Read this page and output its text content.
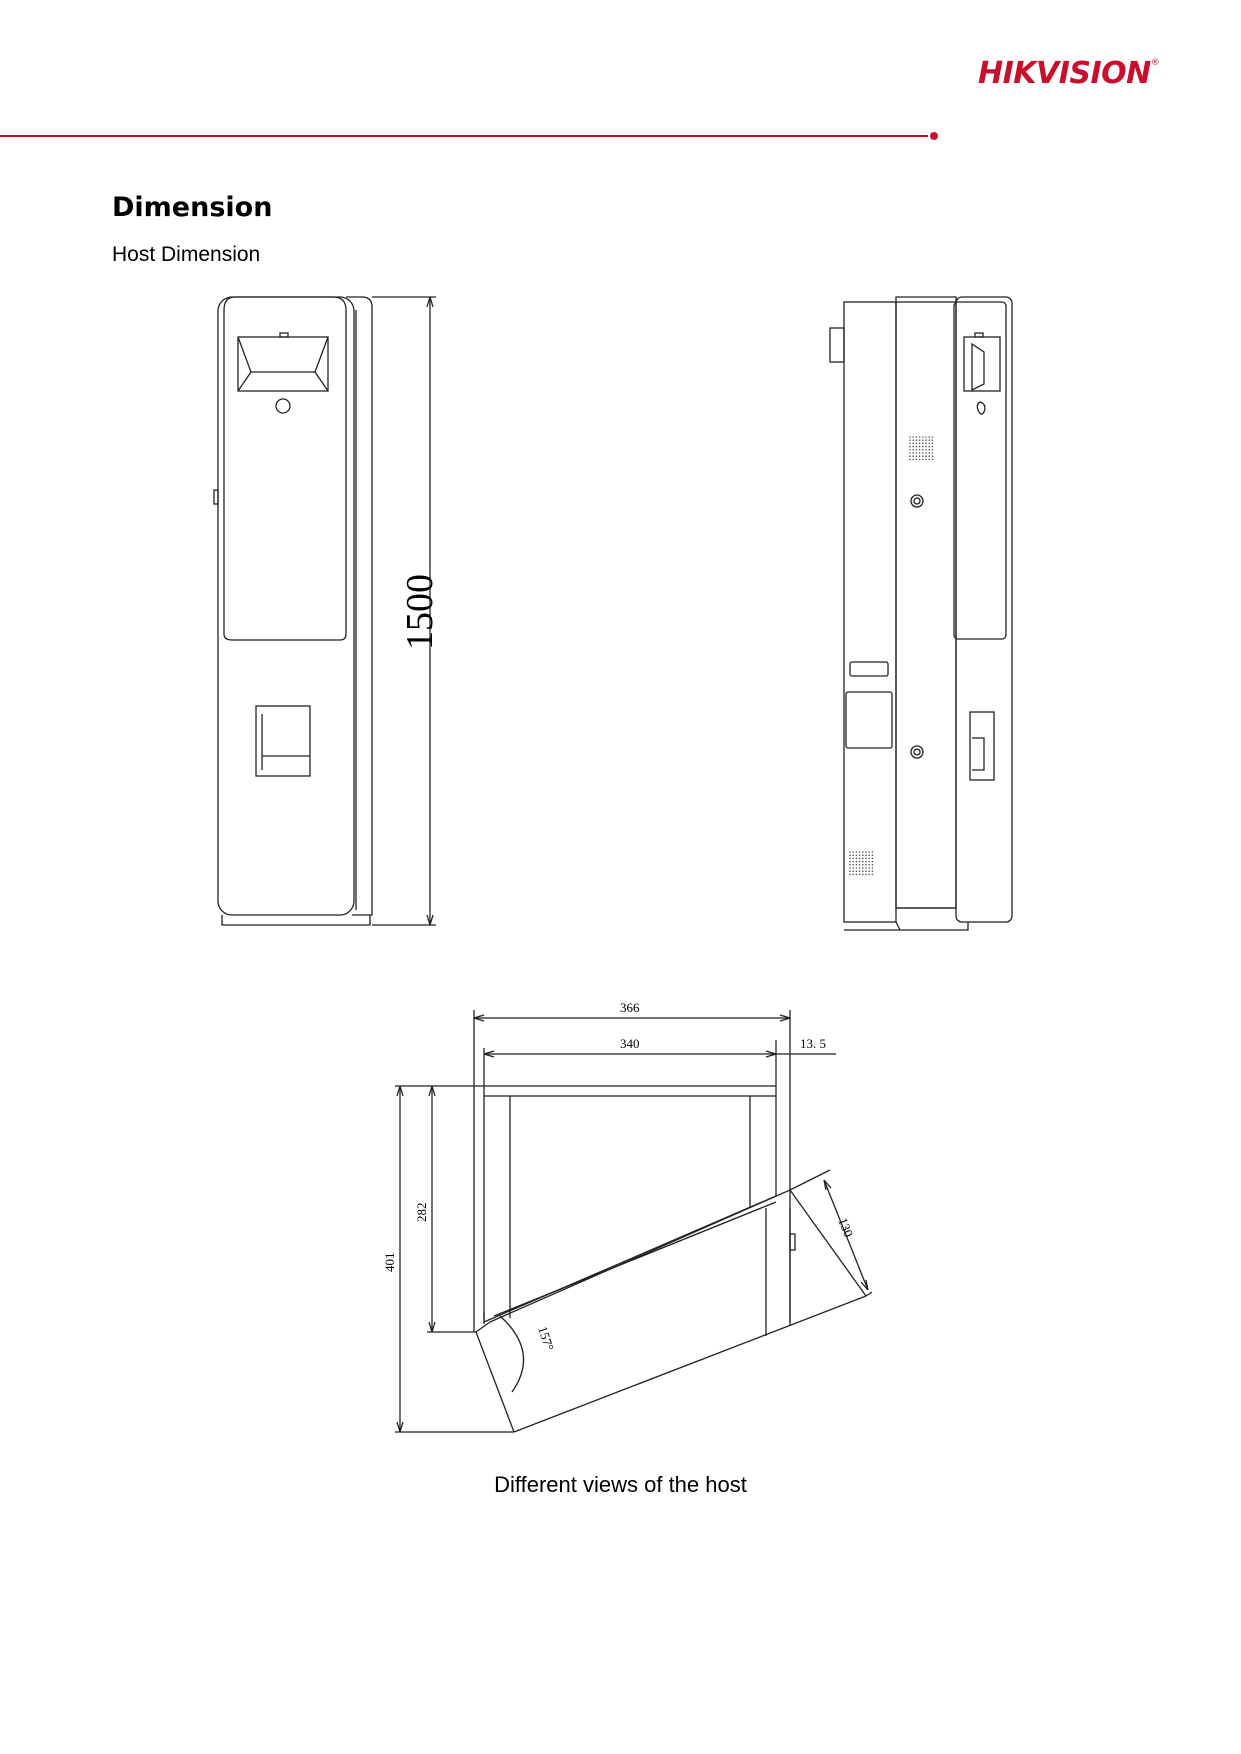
HIKVISION®
Dimension
Host Dimension
1500
366
340	13. 5
401
282
130
157°
Different views of the host
